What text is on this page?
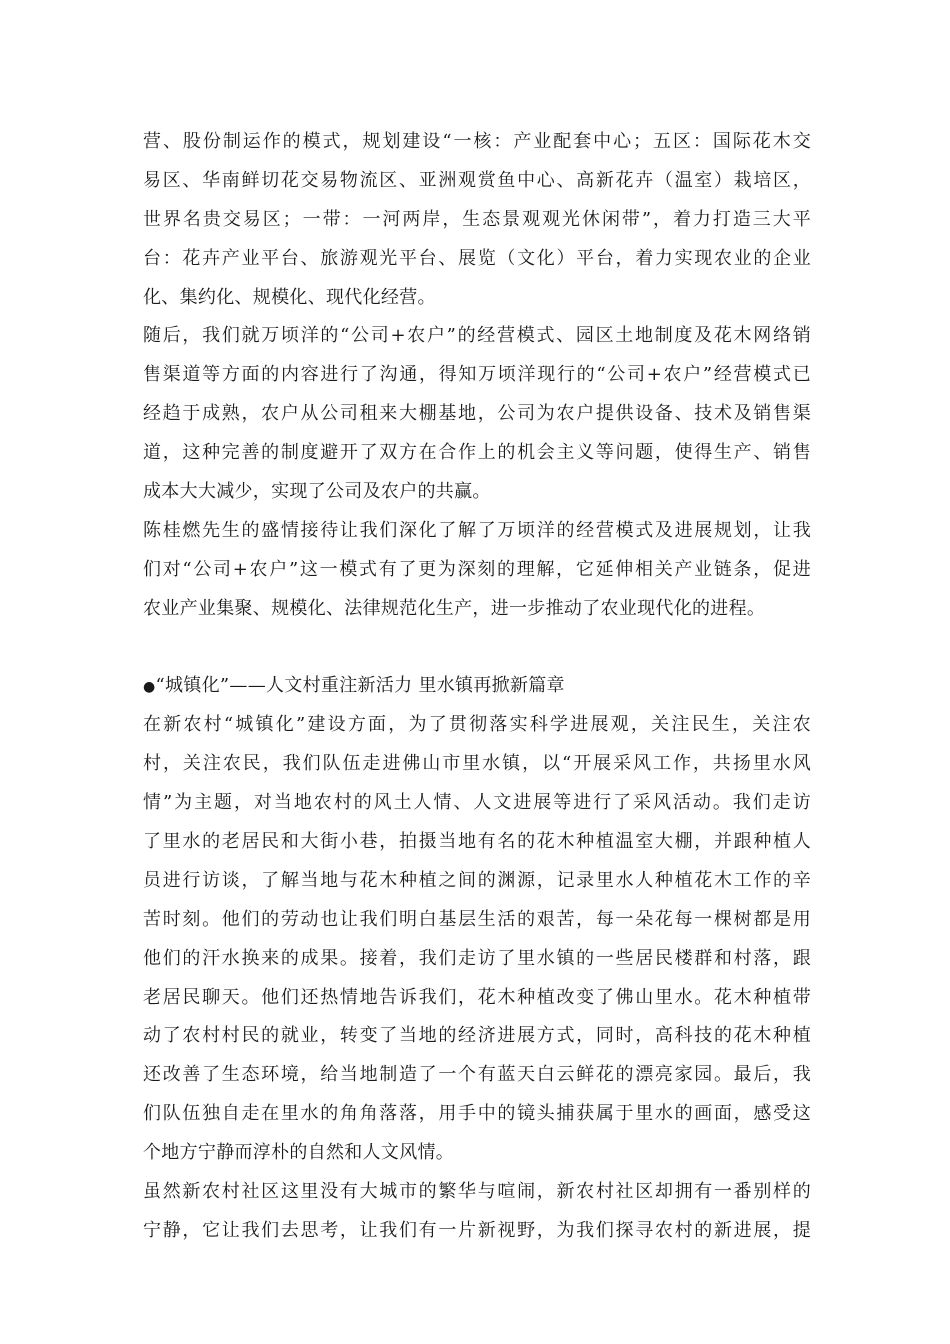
营、股份制运作的模式，规划建设“一核：产业配套中心；五区：国际花木交
易区、华南鲜切花交易物流区、亚洲观赏鱼中心、高新花卉（温室）栽培区，
世界名贵交易区；一带：一河两岸，生态景观观光休闲带”，着力打造三大平
台：花卉产业平台、旅游观光平台、展览（文化）平台，着力实现农业的企业
化、集约化、规模化、现代化经营。
随后，我们就万顷洋的“公司+农户”的经营模式、园区土地制度及花木网络销
售渠道等方面的内容进行了沟通，得知万顷洋现行的“公司+农户”经营模式已
经趋于成熟，农户从公司租来大棚基地，公司为农户提供设备、技术及销售渠
道，这种完善的制度避开了双方在合作上的机会主义等问题，使得生产、销售
成本大大减少，实现了公司及农户的共赢。
陈桂燃先生的盛情接待让我们深化了解了万顷洋的经营模式及进展规划，让我
们对“公司+农户”这一模式有了更为深刻的理解，它延伸相关产业链条，促进
农业产业集聚、规模化、法律规范化生产，进一步推动了农业现代化的进程。
●“城镇化”——人文村重注新活力 里水镇再掀新篇章
在新农村“城镇化”建设方面，为了贯彻落实科学进展观，关注民生，关注农
村，关注农民，我们队伍走进佛山市里水镇，以“开展采风工作，共扬里水风
情”为主题，对当地农村的风土人情、人文进展等进行了采风活动。我们走访
了里水的老居民和大街小巷，拍摄当地有名的花木种植温室大棚，并跟种植人
员进行访谈，了解当地与花木种植之间的渊源，记录里水人种植花木工作的辛
苦时刻。他们的劳动也让我们明白基层生活的艰苦，每一朵花每一棵树都是用
他们的汗水换来的成果。接着，我们走访了里水镇的一些居民楼群和村落，跟
老居民聊天。他们还热情地告诉我们，花木种植改变了佛山里水。花木种植带
动了农村村民的就业，转变了当地的经济进展方式，同时，高科技的花木种植
还改善了生态环境，给当地制造了一个有蓝天白云鲜花的漂亮家园。最后，我
们队伍独自走在里水的角角落落，用手中的镜头捕获属于里水的画面，感受这
个地方宁静而淳朴的自然和人文风情。
虽然新农村社区这里没有大城市的繁华与喧闹，新农村社区却拥有一番别样的
宁静，它让我们去思考，让我们有一片新视野，为我们探寻农村的新进展，提
